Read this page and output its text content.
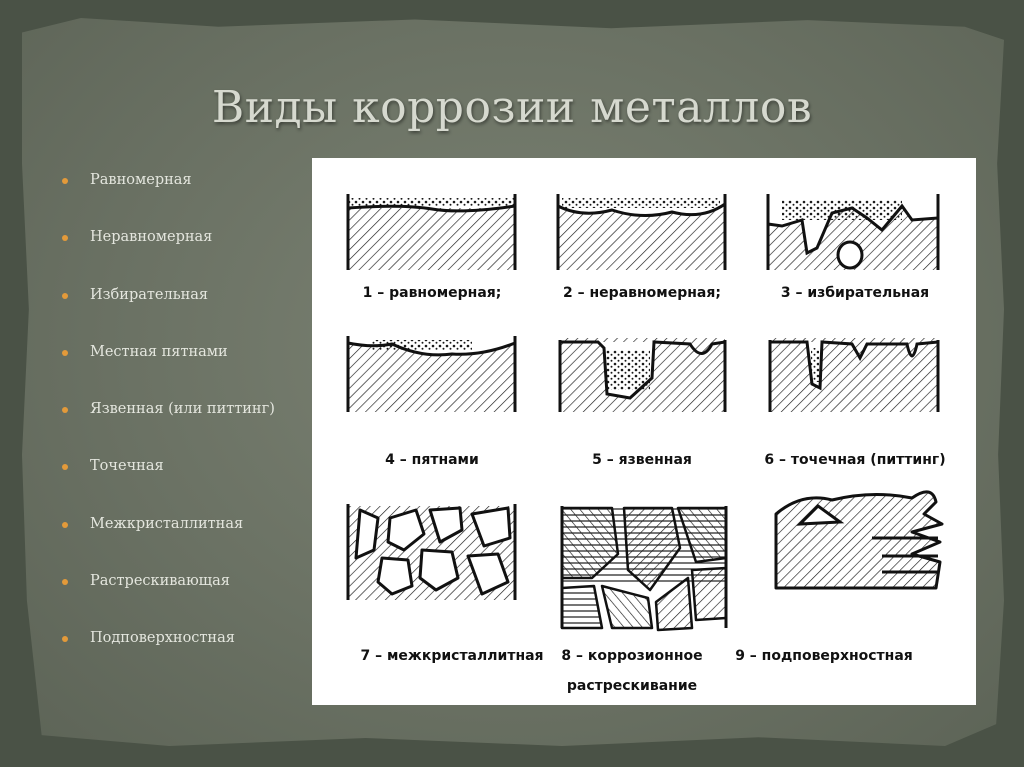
Виды коррозии металлов
Равномерная
Неравномерная
Избирательная
Местная пятнами
Язвенная (или питтинг)
Точечная
Межкристаллитная
Растрескивающая
Подповерхностная
1 – равномерная;	2 – неравномерная;	3 – избирательная
4 – пятнами	5 – язвенная	6 – точечная (питтинг)
7 – межкристаллитная 8 – коррозионное
растрескивание
9 – подповерхностная
